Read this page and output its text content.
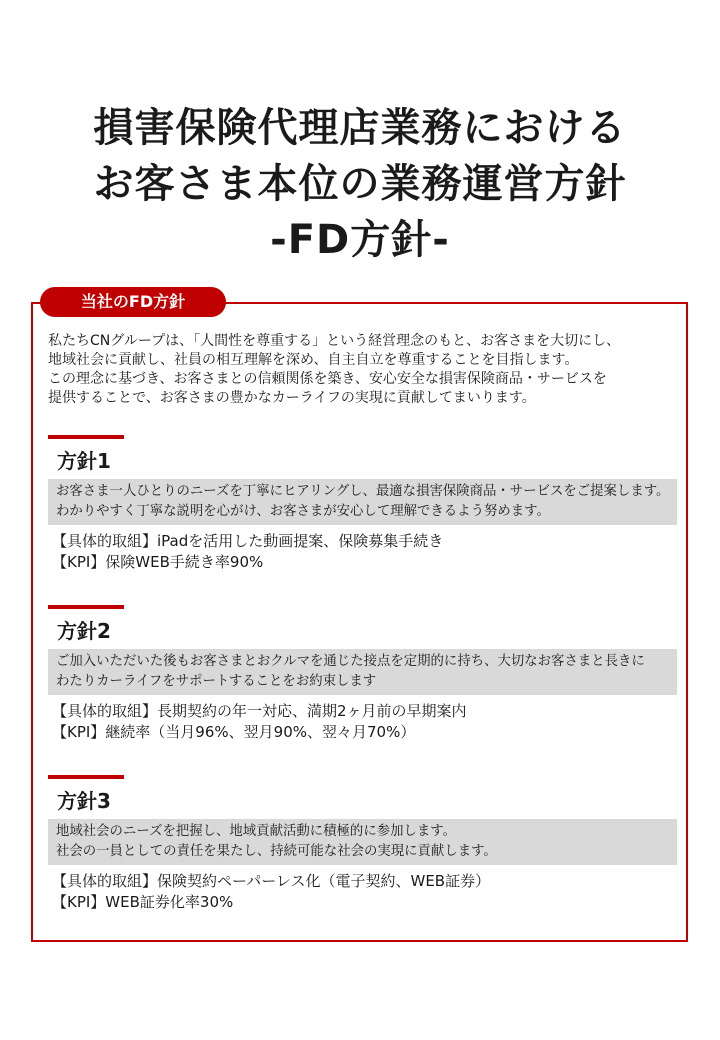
損害保険代理店業務における
お客さま本位の業務運営方針
-FD方針-
当社のFD方針

私たちCNグループは、「人間性を尊重する」という経営理念のもと、お客さまを大切にし、
地域社会に貢献し、社員の相互理解を深め、自主自立を尊重することを目指します。
この理念に基づき、お客さまとの信頼関係を築き、安心安全な損害保険商品・サービスを
提供することで、お客さまの豊かなカーライフの実現に貢献してまいります。

方針1
お客さま一人ひとりのニーズを丁寧にヒアリングし、最適な損害保険商品・サービスをご提案します。
わかりやすく丁寧な説明を心がけ、お客さまが安心して理解できるよう努めます。
【具体的取組】iPadを活用した動画提案、保険募集手続き
【KPI】保険WEB手続き率90%
方針2
ご加入いただいた後もお客さまとおクルマを通じた接点を定期的に持ち、大切なお客さまと長きに
わたりカーライフをサポートすることをお約束します
【具体的取組】長期契約の年一対応、満期2ヶ月前の早期案内
【KPI】継続率（当月96%、翌月90%、翌々月70%）
方針3
地域社会のニーズを把握し、地域貢献活動に積極的に参加します。
社会の一員としての責任を果たし、持続可能な社会の実現に貢献します。
【具体的取組】保険契約ペーパーレス化（電子契約、WEB証券）
【KPI】WEB証券化率30%
